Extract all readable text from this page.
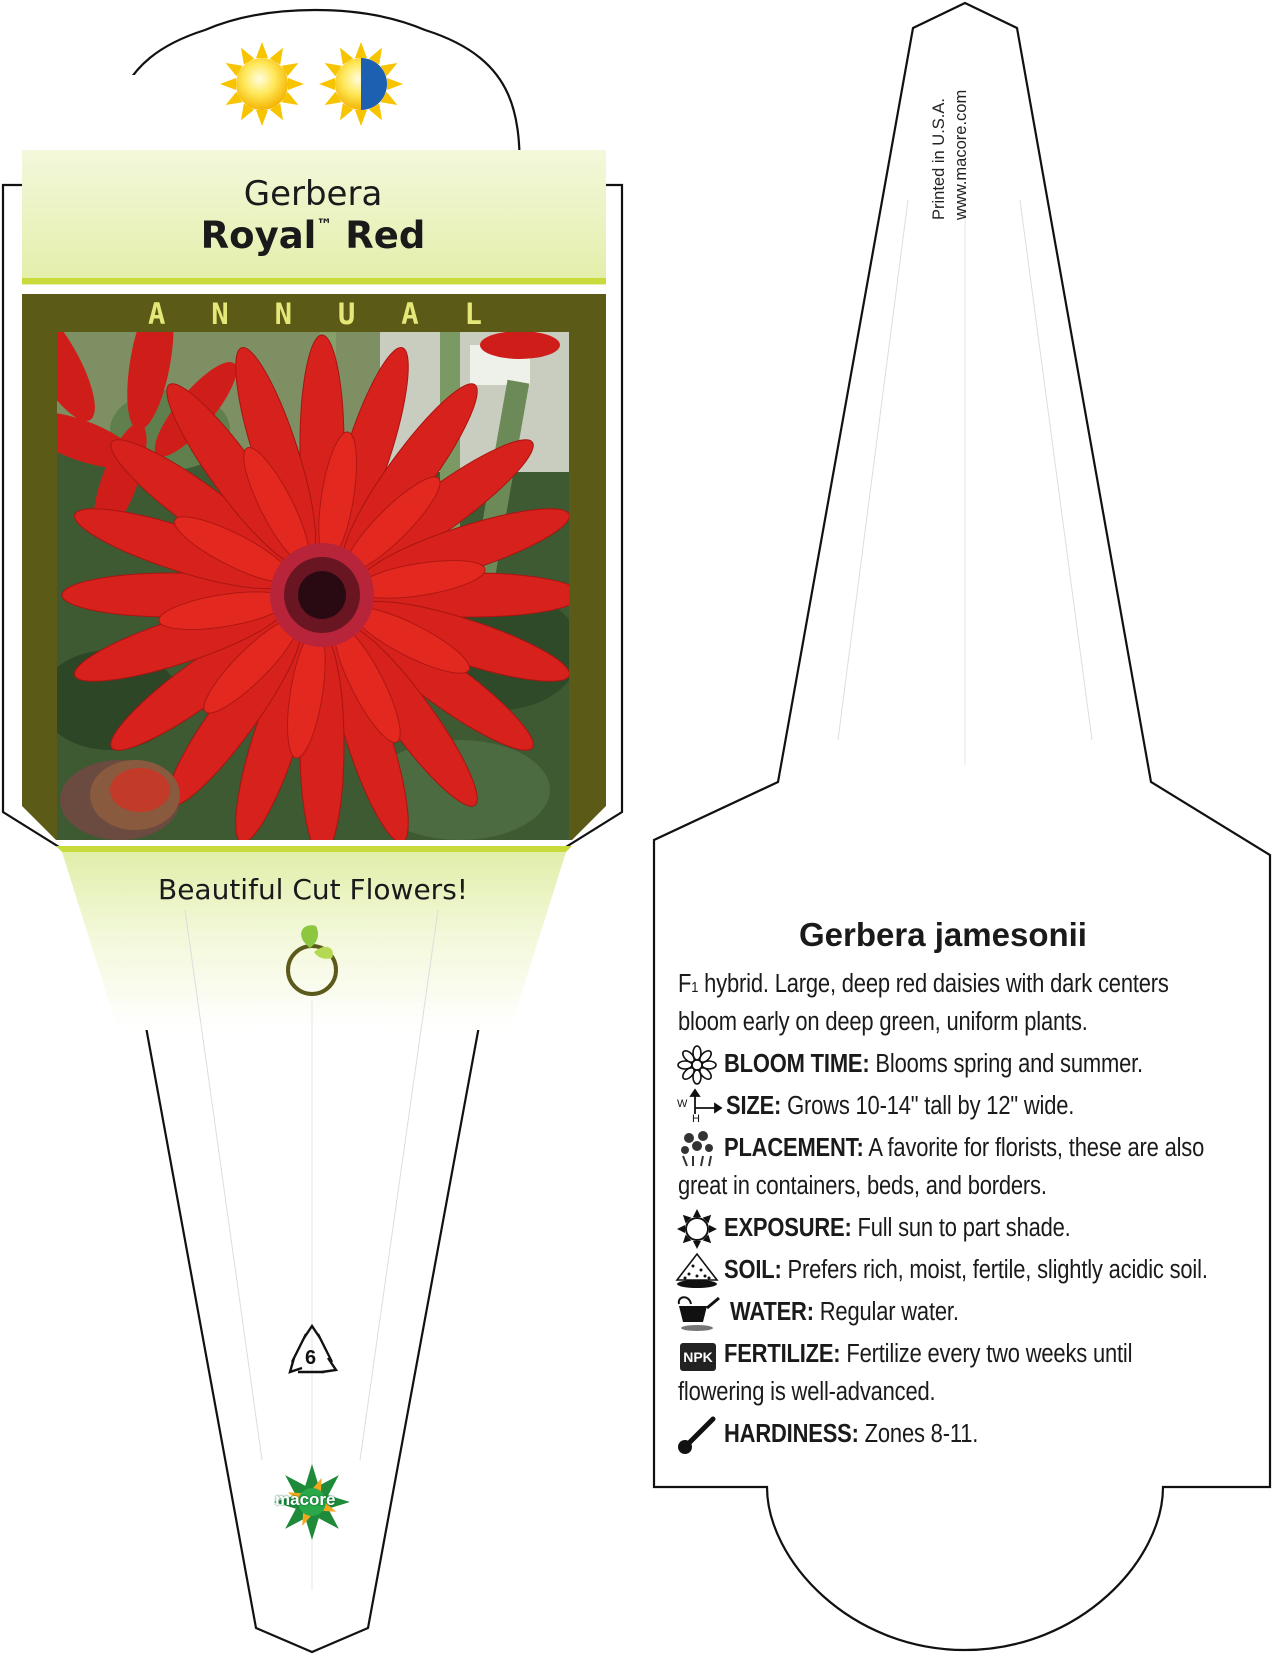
Gerbera
Royal™ Red
A N N U A L
Beautiful Cut Flowers!
6
macore
Printed in U.S.A. www.macore.com
Gerbera jamesonii
F1 hybrid. Large, deep red daisies with dark centers
bloom early on deep green, uniform plants.
BLOOM TIME: Blooms spring and summer.
W
H SIZE: Grows 10-14" tall by 12" wide.
PLACEMENT: A favorite for florists, these are also
great in containers, beds, and borders.
EXPOSURE: Full sun to part shade.
SOIL: Prefers rich, moist, fertile, slightly acidic soil.
WATER: Regular water.
NPK FERTILIZE: Fertilize every two weeks until
flowering is well-advanced.
HARDINESS: Zones 8-11.
